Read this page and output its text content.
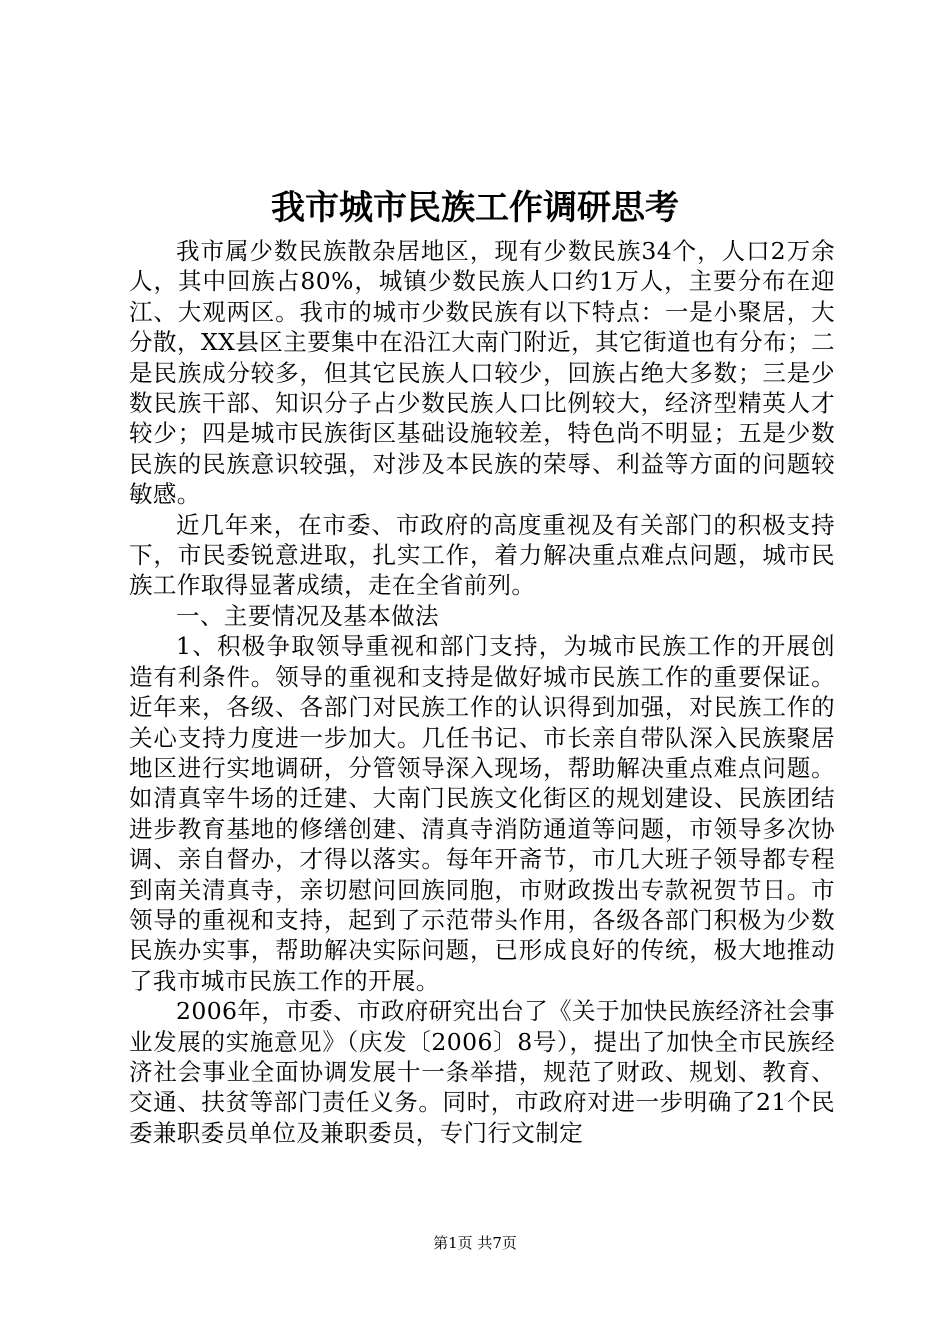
我市城市民族工作调研思考

我市属少数民族散杂居地区，现有少数民族34个，人口2万余人，其中回族占80%，城镇少数民族人口约1万人，主要分布在迎江、大观两区。我市的城市少数民族有以下特点：一是小聚居，大分散，XX县区主要集中在沿江大南门附近，其它街道也有分布；二是民族成分较多，但其它民族人口较少，回族占绝大多数；三是少数民族干部、知识分子占少数民族人口比例较大，经济型精英人才较少；四是城市民族街区基础设施较差，特色尚不明显；五是少数民族的民族意识较强，对涉及本民族的荣辱、利益等方面的问题较敏感。

近几年来，在市委、市政府的高度重视及有关部门的积极支持下，市民委锐意进取，扎实工作，着力解决重点难点问题，城市民族工作取得显著成绩，走在全省前列。

一、主要情况及基本做法

1、积极争取领导重视和部门支持，为城市民族工作的开展创造有利条件。领导的重视和支持是做好城市民族工作的重要保证。近年来，各级、各部门对民族工作的认识得到加强，对民族工作的关心支持力度进一步加大。几任书记、市长亲自带队深入民族聚居地区进行实地调研，分管领导深入现场，帮助解决重点难点问题。如清真宰牛场的迁建、大南门民族文化街区的规划建设、民族团结进步教育基地的修缮创建、清真寺消防通道等问题，市领导多次协调、亲自督办，才得以落实。每年开斋节，市几大班子领导都专程到南关清真寺，亲切慰问回族同胞，市财政拨出专款祝贺节日。市领导的重视和支持，起到了示范带头作用，各级各部门积极为少数民族办实事，帮助解决实际问题，已形成良好的传统，极大地推动了我市城市民族工作的开展。

2006年，市委、市政府研究出台了《关于加快民族经济社会事业发展的实施意见》（庆发〔2006〕8号），提出了加快全市民族经济社会事业全面协调发展十一条举措，规范了财政、规划、教育、交通、扶贫等部门责任义务。同时，市政府对进一步明确了21个民委兼职委员单位及兼职委员，专门行文制定

第1页 共7页
